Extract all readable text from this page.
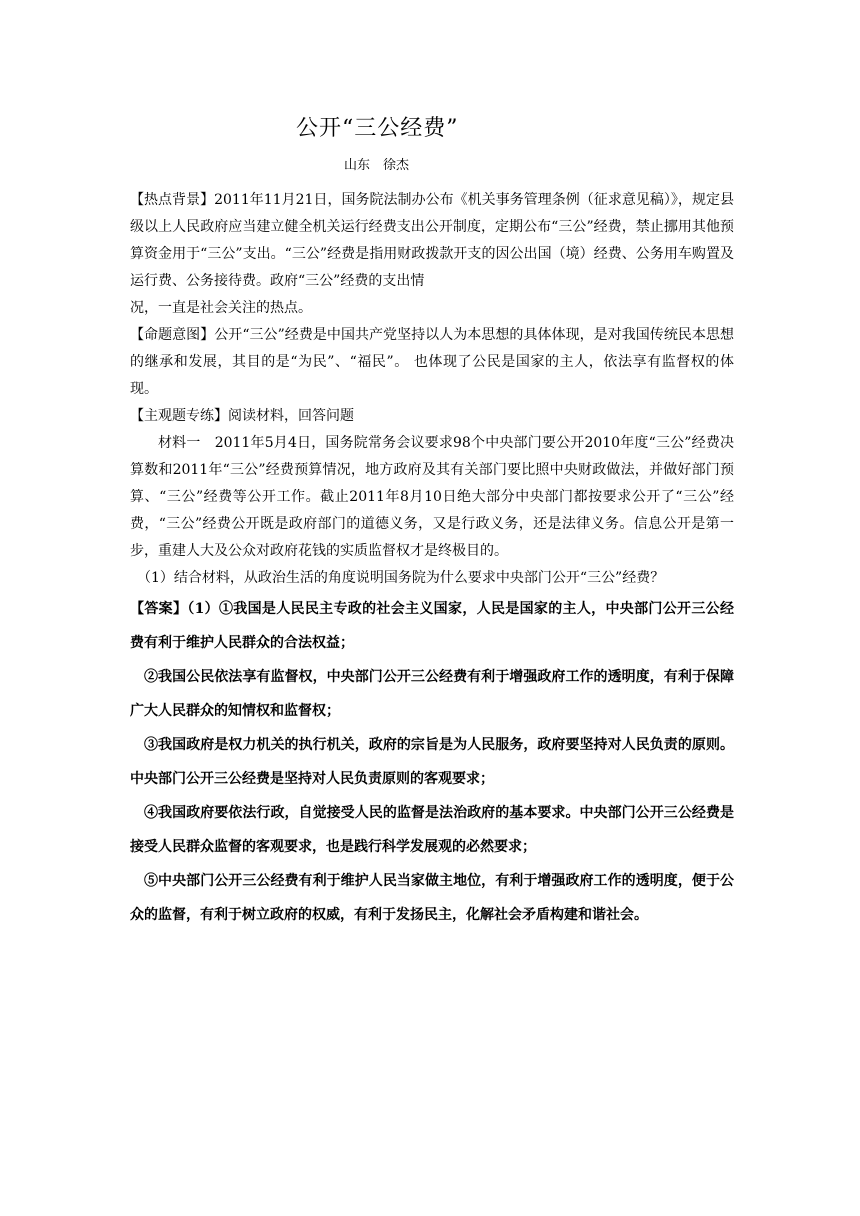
公开“三公经费”
山东　徐杰

【热点背景】2011年11月21日，国务院法制办公布《机关事务管理条例（征求意见稿）》，规定县级以上人民政府应当建立健全机关运行经费支出公开制度，定期公布“三公”经费，禁止挪用其他预算资金用于“三公”支出。“三公”经费是指用财政拨款开支的因公出国（境）经费、公务用车购置及运行费、公务接待费。政府“三公”经费的支出情

况，一直是社会关注的热点。

【命题意图】公开“三公”经费是中国共产党坚持以人为本思想的具体体现，是对我国传统民本思想的继承和发展，其目的是“为民”、“福民”。 也体现了公民是国家的主人，依法享有监督权的体现。

【主观题专练】阅读材料，回答问题

材料一　2011年5月4日，国务院常务会议要求98个中央部门要公开2010年度“三公”经费决算数和2011年“三公”经费预算情况，地方政府及其有关部门要比照中央财政做法，并做好部门预算、“三公”经费等公开工作。截止2011年8月10日绝大部分中央部门都按要求公开了“三公”经费，“三公”经费公开既是政府部门的道德义务，又是行政义务，还是法律义务。信息公开是第一步，重建人大及公众对政府花钱的实质监督权才是终极目的。

（1）结合材料，从政治生活的角度说明国务院为什么要求中央部门公开“三公”经费？

【答案】（1）①我国是人民民主专政的社会主义国家，人民是国家的主人，中央部门公开三公经费有利于维护人民群众的合法权益；

②我国公民依法享有监督权，中央部门公开三公经费有利于增强政府工作的透明度，有利于保障广大人民群众的知情权和监督权；

③我国政府是权力机关的执行机关，政府的宗旨是为人民服务，政府要坚持对人民负责的原则。中央部门公开三公经费是坚持对人民负责原则的客观要求；

④我国政府要依法行政，自觉接受人民的监督是法治政府的基本要求。中央部门公开三公经费是接受人民群众监督的客观要求，也是践行科学发展观的必然要求；

⑤中央部门公开三公经费有利于维护人民当家做主地位，有利于增强政府工作的透明度，便于公众的监督，有利于树立政府的权威，有利于发扬民主，化解社会矛盾构建和谐社会。
